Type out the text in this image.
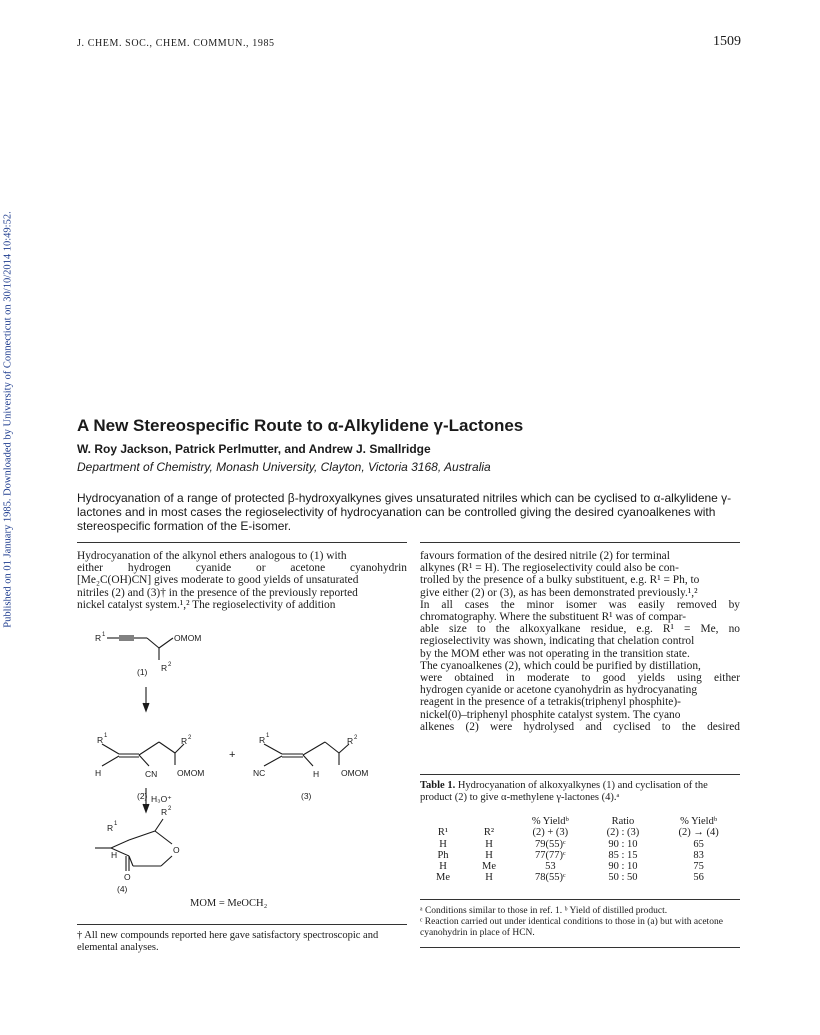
Published on 01 January 1985. Downloaded by University of Connecticut on 30/10/2014 10:49:52.
J. CHEM. SOC., CHEM. COMMUN., 1985	1509
A New Stereospecific Route to α-Alkylidene γ-Lactones
W. Roy Jackson, Patrick Perlmutter, and Andrew J. Smallridge
Department of Chemistry, Monash University, Clayton, Victoria 3168, Australia
Hydrocyanation of a range of protected β-hydroxyalkynes gives unsaturated nitriles which can be cyclised to α-alkylidene γ-lactones and in most cases the regioselectivity of hydrocyanation can be controlled giving the desired cyanoalkenes with stereospecific formation of the E-isomer.

Hydrocyanation of the alkynol ethers analogous to (1) with

either hydrogen cyanide or acetone cyanohydrin

[Me₂C(OH)CN] gives moderate to good yields of unsaturated

nitriles (2) and (3)† in the presence of the previously reported

nickel catalyst system.¹,² The regioselectivity of addition

R 1	OMOM
R 2
(1)
R 1
H	CN OMOM
R 2
(2)
+
R 1
NC	H	OMOM
R 2
(3)
H₃O⁺
R 1
H
R 2
O
O
(4)
MOM = MeOCH₂
† All new compounds reported here gave satisfactory spectroscopic and elemental analyses.

favours formation of the desired nitrile (2) for terminal

alkynes (R¹ = H). The regioselectivity could also be con-

trolled by the presence of a bulky substituent, e.g. R¹ = Ph, to

give either (2) or (3), as has been demonstrated previously.¹,²

In all cases the minor isomer was easily removed by

chromatography. Where the substituent R¹ was of compar-

able size to the alkoxyalkane residue, e.g. R¹ = Me, no

regioselectivity was shown, indicating that chelation control

by the MOM ether was not operating in the transition state.

The cyanoalkenes (2), which could be purified by distillation,

were obtained in moderate to good yields using either

hydrogen cyanide or acetone cyanohydrin as hydrocyanating

reagent in the presence of a tetrakis(triphenyl phosphite)-

nickel(0)–triphenyl phosphite catalyst system. The cyano

alkenes (2) were hydrolysed and cyclised to the desired

Table 1. Hydrocyanation of alkoxyalkynes (1) and cyclisation of the product (2) to give α-methylene γ-lactones (4).ᵃ
		% Yieldᵇ	Ratio	% Yieldᵇ
R¹	R²	(2) + (3)	(2) : (3)	(2) → (4)
H	H	79(55)ᶜ	90 : 10	65
Ph	H	77(77)ᶜ	85 : 15	83
H	Me	53	90 : 10	75
Me	H	78(55)ᶜ	50 : 50	56
ᵃ Conditions similar to those in ref. 1. ᵇ Yield of distilled product.
ᶜ Reaction carried out under identical conditions to those in (a) but with acetone cyanohydrin in place of HCN.
